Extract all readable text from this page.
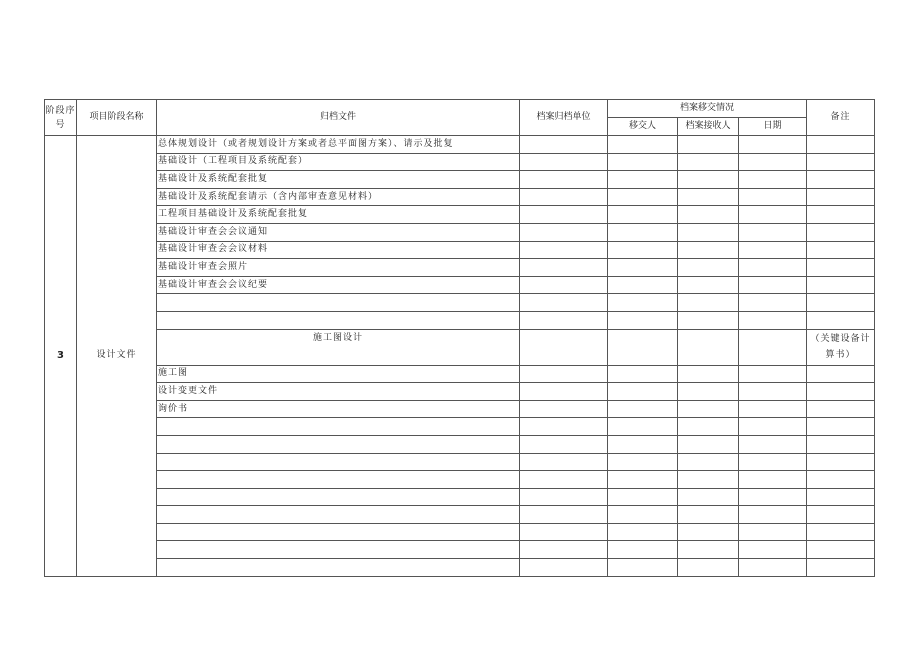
阶段序号	项目阶段名称	归档文件	档案归档单位	档案移交情况			备注
				移交人	档案接收人	日期	
3	设计文件	总体规划设计（或者规划设计方案或者总平面图方案）、请示及批复					
		基础设计（工程项目及系统配套）					
		基础设计及系统配套批复					
		基础设计及系统配套请示（含内部审查意见材料）					
		工程项目基础设计及系统配套批复					
		基础设计审查会会议通知					
		基础设计审查会会议材料					
		基础设计审查会照片					
		基础设计审查会会议纪要					

		施工图设计					（关键设备计算书）
		施工图					
		设计变更文件					
		询价书					
